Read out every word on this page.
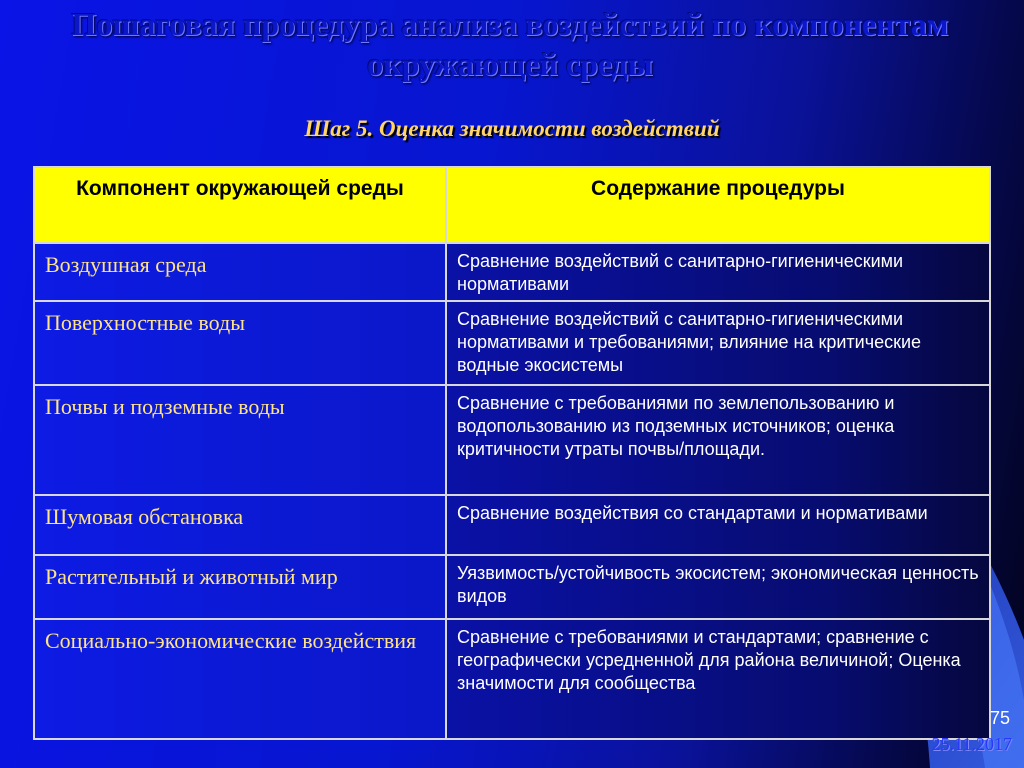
Пошаговая процедура анализа воздействий по компонентам окружающей среды
Шаг 5. Оценка значимости воздействий
Компонент окружающей среды	Содержание процедуры
Воздушная среда	Сравнение воздействий с санитарно-гигиеническими нормативами
Поверхностные воды	Сравнение воздействий с санитарно-гигиеническими нормативами и требованиями; влияние на критические водные экосистемы
Почвы и подземные воды	Сравнение с требованиями по землепользованию и водопользованию из подземных источников; оценка критичности утраты почвы/площади.
Шумовая обстановка	Сравнение воздействия со стандартами и нормативами
Растительный и животный мир	Уязвимость/устойчивость экосистем; экономическая ценность видов
Социально-экономические воздействия	Сравнение с требованиями и стандартами; сравнение с географически усредненной для района величиной; Оценка значимости для сообщества
75
25.11.2017
